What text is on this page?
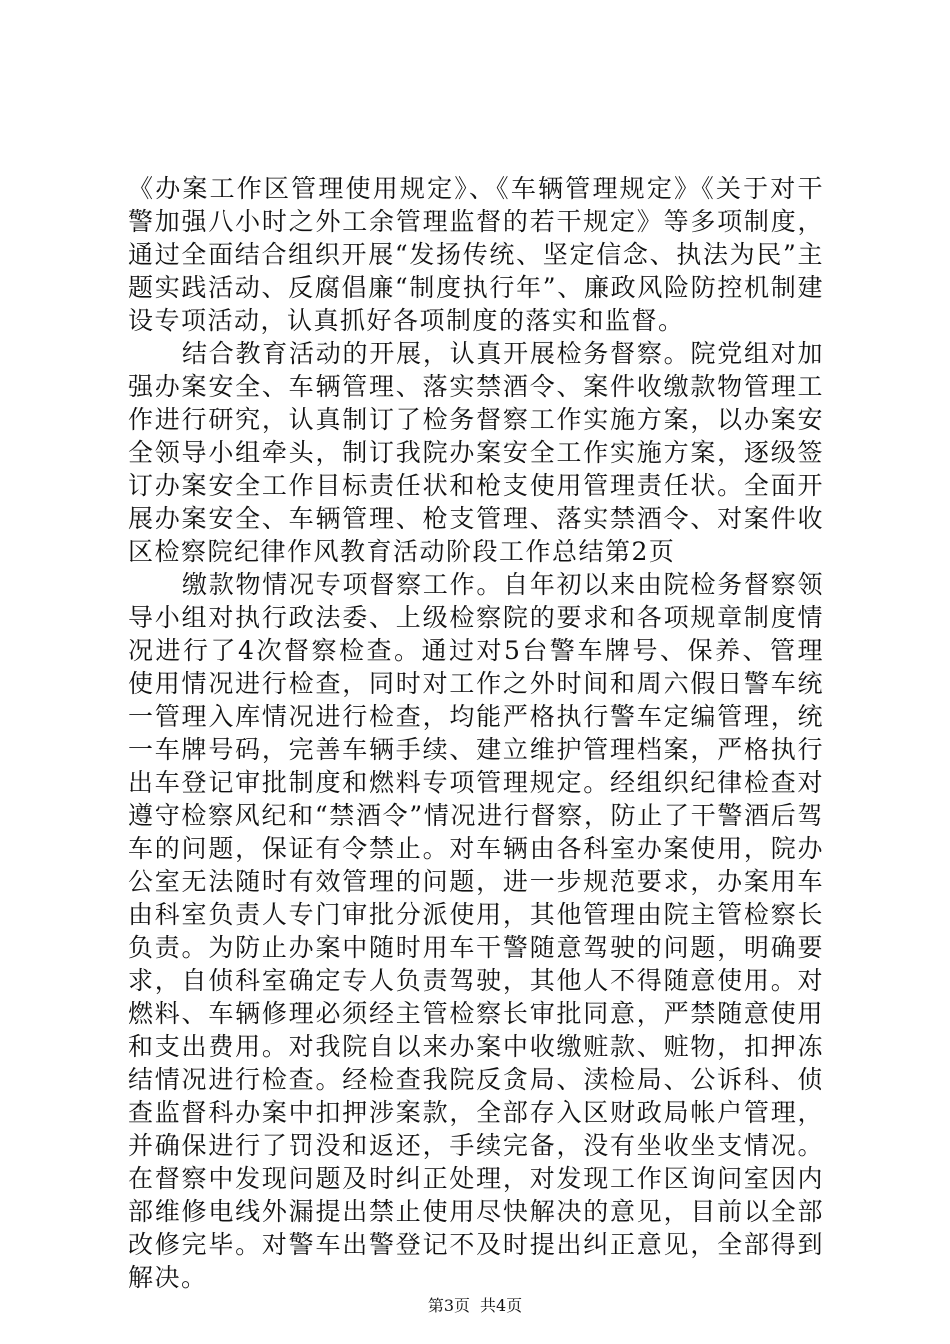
《办案工作区管理使用规定》、《车辆管理规定》《关于对干警加强八小时之外工余管理监督的若干规定》等多项制度，通过全面结合组织开展“发扬传统、坚定信念、执法为民”主题实践活动、反腐倡廉“制度执行年”、廉政风险防控机制建设专项活动，认真抓好各项制度的落实和监督。

结合教育活动的开展，认真开展检务督察。院党组对加强办案安全、车辆管理、落实禁酒令、案件收缴款物管理工作进行研究，认真制订了检务督察工作实施方案，以办案安全领导小组牵头，制订我院办案安全工作实施方案，逐级签订办案安全工作目标责任状和枪支使用管理责任状。全面开展办案安全、车辆管理、枪支管理、落实禁酒令、对案件收区检察院纪律作风教育活动阶段工作总结第2页

缴款物情况专项督察工作。自年初以来由院检务督察领导小组对执行政法委、上级检察院的要求和各项规章制度情况进行了4次督察检查。通过对5台警车牌号、保养、管理使用情况进行检查，同时对工作之外时间和周六假日警车统一管理入库情况进行检查，均能严格执行警车定编管理，统一车牌号码，完善车辆手续、建立维护管理档案，严格执行出车登记审批制度和燃料专项管理规定。经组织纪律检查对遵守检察风纪和“禁酒令”情况进行督察，防止了干警酒后驾车的问题，保证有令禁止。对车辆由各科室办案使用，院办公室无法随时有效管理的问题，进一步规范要求，办案用车由科室负责人专门审批分派使用，其他管理由院主管检察长负责。为防止办案中随时用车干警随意驾驶的问题，明确要求，自侦科室确定专人负责驾驶，其他人不得随意使用。对燃料、车辆修理必须经主管检察长审批同意，严禁随意使用和支出费用。对我院自以来办案中收缴赃款、赃物，扣押冻结情况进行检查。经检查我院反贪局、渎检局、公诉科、侦查监督科办案中扣押涉案款，全部存入区财政局帐户管理，并确保进行了罚没和返还，手续完备，没有坐收坐支情况。在督察中发现问题及时纠正处理，对发现工作区询问室因内部维修电线外漏提出禁止使用尽快解决的意见，目前以全部改修完毕。对警车出警登记不及时提出纠正意见，全部得到解决。

第3页 共4页
